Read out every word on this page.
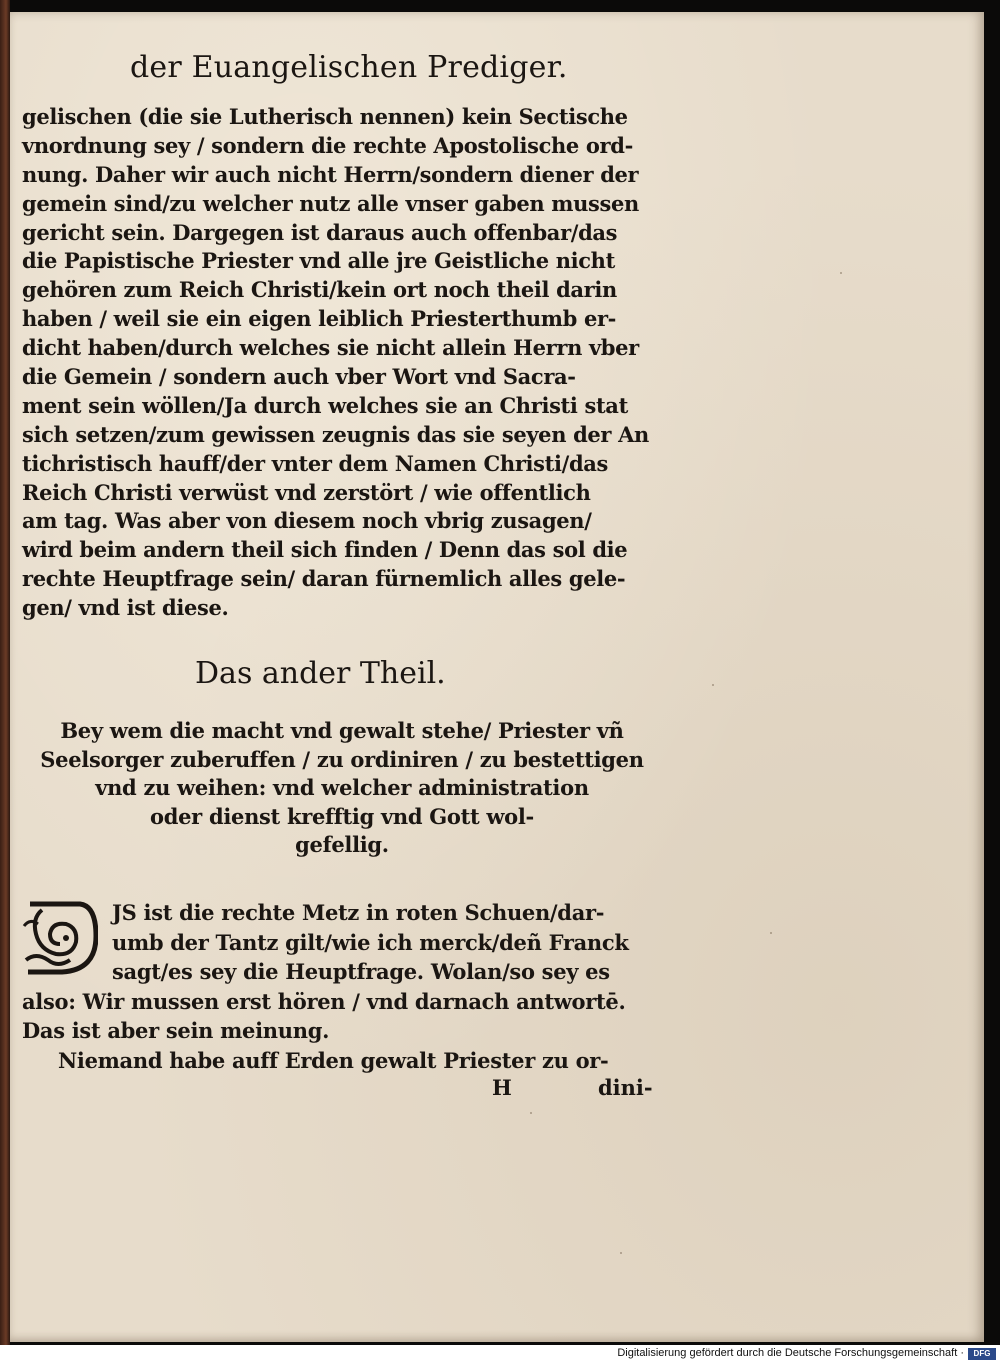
der Euangelischen Prediger.
gelischen (die sie Lutherisch nennen) kein Sectische
vnordnung sey / sondern die rechte Apostolische ord-
nung. Daher wir auch nicht Herrn/sondern diener der
gemein sind/zu welcher nutz alle vnser gaben mussen
gericht sein. Dargegen ist daraus auch offenbar/das
die Papistische Priester vnd alle jre Geistliche nicht
gehören zum Reich Christi/kein ort noch theil darin
haben / weil sie ein eigen leiblich Priesterthumb er-
dicht haben/durch welches sie nicht allein Herrn vber
die Gemein / sondern auch vber Wort vnd Sacra-
ment sein wöllen/Ja durch welches sie an Christi stat
sich setzen/zum gewissen zeugnis das sie seyen der An
tichristisch hauff/der vnter dem Namen Christi/das
Reich Christi verwüst vnd zerstört / wie offentlich
am tag. Was aber von diesem noch vbrig zusagen/
wird beim andern theil sich finden / Denn das sol die
rechte Heuptfrage sein/ daran fürnemlich alles gele-
gen/ vnd ist diese.
Das ander Theil.
Bey wem die macht vnd gewalt stehe/ Priester vñ
Seelsorger zuberuffen / zu ordiniren / zu bestettigen
vnd zu weihen: vnd welcher administration
oder dienst krefftig vnd Gott wol-
gefellig.
JS ist die rechte Metz in roten Schuen/dar-
umb der Tantz gilt/wie ich merck/deñ Franck
sagt/es sey die Heuptfrage. Wolan/so sey es
also: Wir mussen erst hören / vnd darnach antwortē.
Das ist aber sein meinung.
Niemand habe auff Erden gewalt Priester zu or-
H	dini-
Digitalisierung gefördert durch die Deutsche Forschungsgemeinschaft ·	DFG
